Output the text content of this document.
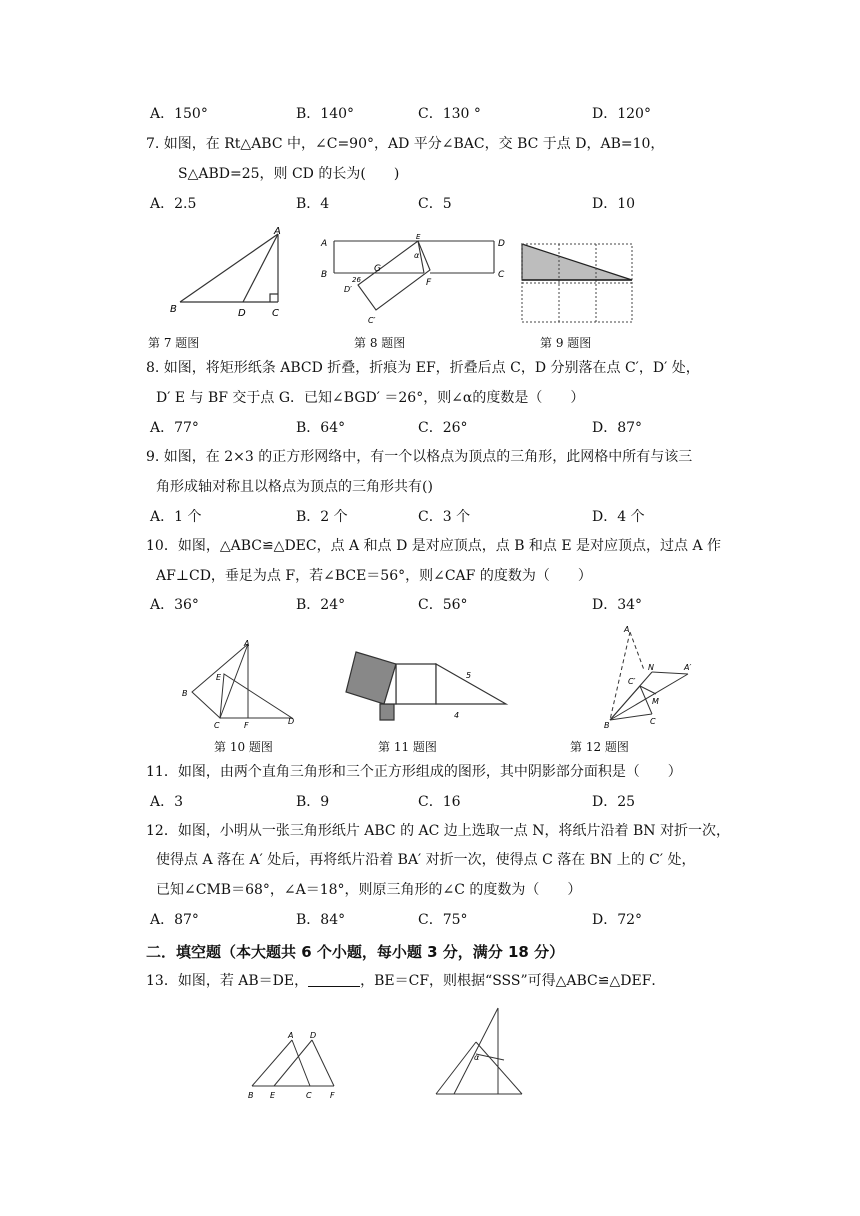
A．150°	B．140°	C．130 °	D．120°
7. 如图，在 Rt△ABC 中，∠C=90°，AD 平分∠BAC，交 BC 于点 D，AB=10，
S△ABD=25，则 CD 的长为(　　)
A．2.5	B．4	C．5	D．10
A
B	D	C
第 7 题图
A
B
E
D
C
G
F
D′
C′
α
26
第 8 题图	第 9 题图
8. 如图，将矩形纸条 ABCD 折叠，折痕为 EF，折叠后点 C，D 分别落在点 C′，D′ 处，
D′ E 与 BF 交于点 G．已知∠BGD′ ＝26°，则∠α的度数是（　　）
A．77°	B．64°	C．26°	D．87°
9. 如图，在 2×3 的正方形网络中，有一个以格点为顶点的三角形，此网格中所有与该三
角形成轴对称且以格点为顶点的三角形共有()
A．1 个	B．2 个	C．3 个	D．4 个
10．如图，△ABC≌△DEC，点 A 和点 D 是对应顶点，点 B 和点 E 是对应顶点，过点 A 作
AF⊥CD，垂足为点 F，若∠BCE＝56°，则∠CAF 的度数为（　　）
A．36°	B．24°	C．56°	D．34°
A
E
B
C	F	D
第 10 题图
5
4
第 11 题图
A
N	A′
C′
M
B	C
第 12 题图
11．如图，由两个直角三角形和三个正方形组成的图形，其中阴影部分面积是（　　）
A．3	B．9	C．16	D．25
12．如图，小明从一张三角形纸片 ABC 的 AC 边上选取一点 N，将纸片沿着 BN 对折一次，
使得点 A 落在 A′ 处后，再将纸片沿着 BA′ 对折一次，使得点 C 落在 BN 上的 C′ 处，
已知∠CMB＝68°，∠A＝18°，则原三角形的∠C 的度数为（　　）
A．87°	B．84°	C．75°	D．72°
二．填空题（本大题共 6 个小题，每小题 3 分，满分 18 分）
13．如图，若 AB＝DE，	，BE＝CF，则根据“SSS”可得△ABC≌△DEF．
A D
B E	C F
α
